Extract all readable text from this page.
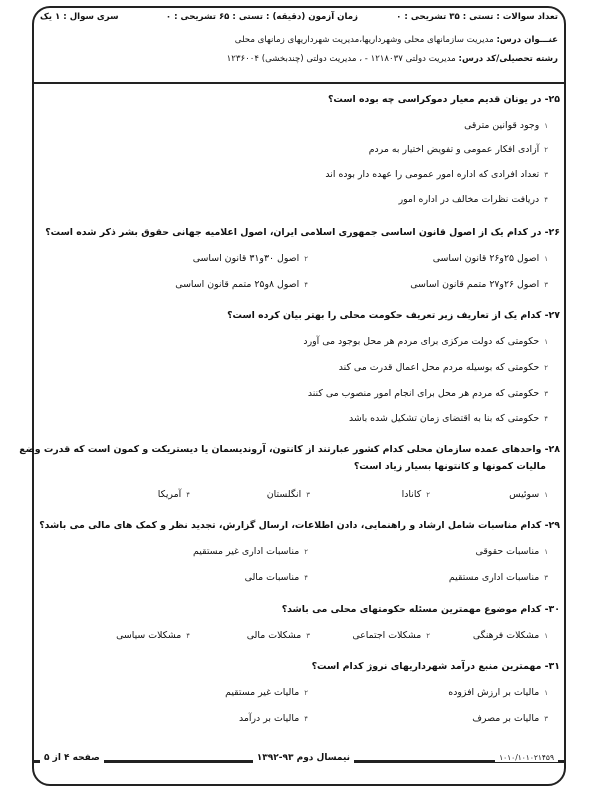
تعداد سوالات : تستی : ۳۵ تشریحی : ۰
زمان آزمون (دقیقه) : تستی : ۶۵ تشریحی : ۰
سری سوال : ۱ یک
عنـــوان درس: مدیریت سازمانهای محلی وشهرداریها،مدیریت شهرداریهای زمانهای محلی
رشته تحصیلی/کد درس: مدیریت دولتی ۱۲۱۸۰۳۷ - ، مدیریت دولتی (چندبخشی) ۱۲۳۶۰۰۴
۲۵- در یونان قدیم معیار دموکراسی چه بوده است؟
۱وجود قوانین مترقی
۲آزادی افکار عمومی و تفویض اختیار به مردم
۳تعداد افرادی که اداره امور عمومی را عهده دار بوده اند
۴دریافت نظرات مخالف در اداره امور
۲۶- در کدام یک از اصول قانون اساسی جمهوری اسلامی ایران، اصول اعلامیه جهانی حقوق بشر ذکر شده است؟
۱اصول ۲۵و۲۶ قانون اساسی
۲اصول ۳۰و۳۱ قانون اساسی
۳اصول ۲۶و۲۷ متمم قانون اساسی
۴اصول ۸و۲۵ متمم قانون اساسی
۲۷- کدام یک از تعاریف زیر تعریف حکومت محلی را بهتر بیان کرده است؟
۱حکومتی که دولت مرکزی برای مردم هر محل بوجود می آورد
۲حکومتی که بوسیله مردم محل اعمال قدرت می کند
۳حکومتی که مردم هر محل برای انجام امور منصوب می کنند
۴حکومتی که بنا به اقتضای زمان تشکیل شده باشد
۲۸- واحدهای عمده سازمان محلی کدام کشور عبارتند از کانتون، آروندیسمان یا دیستریکت و کمون است که قدرت وضع
مالیات کمونها و کانتونها بسیار زیاد است؟
۱سوئیس
۲کانادا
۳انگلستان
۴آمریکا
۲۹- کدام مناسبات شامل ارشاد و راهنمایی، دادن اطلاعات، ارسال گزارش، تجدید نظر و کمک های مالی می باشد؟
۱مناسبات حقوقی
۲مناسبات اداری غیر مستقیم
۳مناسبات اداری مستقیم
۴مناسبات مالی
۳۰- کدام موضوع مهمترین مسئله حکومتهای محلی می باشد؟
۱مشکلات فرهنگی
۲مشکلات اجتماعی
۳مشکلات مالی
۴مشکلات سیاسی
۳۱- مهمترین منبع درآمد شهرداریهای نروژ کدام است؟
۱مالیات بر ارزش افزوده
۲مالیات غیر مستقیم
۳مالیات بر مصرف
۴مالیات بر درآمد
۱۰۱۰/۱۰۱۰۲۱۴۵۹
نیمسال دوم ۹۳-۱۳۹۲
صفحه ۴ از ۵
